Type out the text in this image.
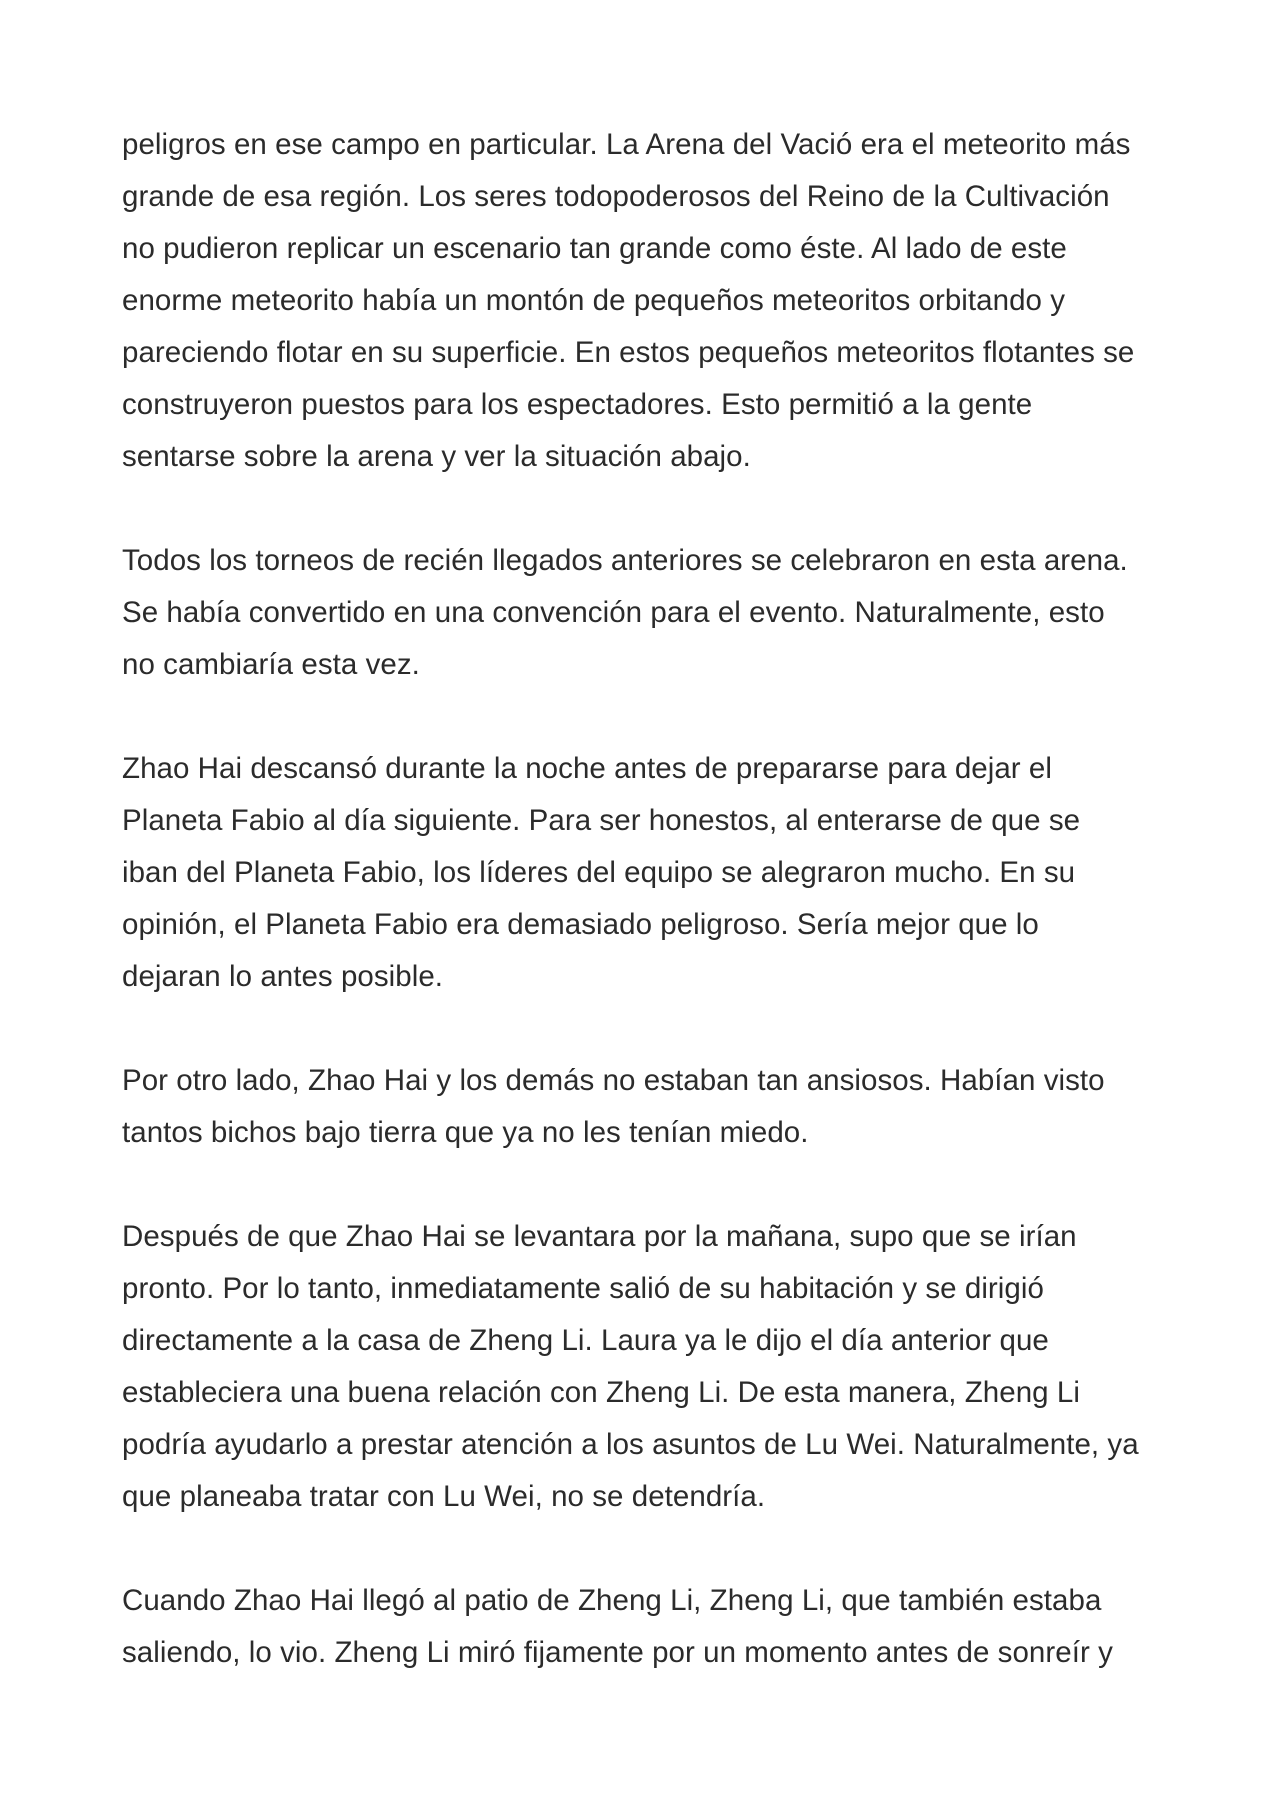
peligros en ese campo en particular. La Arena del Vació era el meteorito más
grande de esa región. Los seres todopoderosos del Reino de la Cultivación
no pudieron replicar un escenario tan grande como éste. Al lado de este
enorme meteorito había un montón de pequeños meteoritos orbitando y
pareciendo flotar en su superficie. En estos pequeños meteoritos flotantes se
construyeron puestos para los espectadores. Esto permitió a la gente
sentarse sobre la arena y ver la situación abajo.

Todos los torneos de recién llegados anteriores se celebraron en esta arena.
Se había convertido en una convención para el evento. Naturalmente, esto
no cambiaría esta vez.

Zhao Hai descansó durante la noche antes de prepararse para dejar el
Planeta Fabio al día siguiente. Para ser honestos, al enterarse de que se
iban del Planeta Fabio, los líderes del equipo se alegraron mucho. En su
opinión, el Planeta Fabio era demasiado peligroso. Sería mejor que lo
dejaran lo antes posible.

Por otro lado, Zhao Hai y los demás no estaban tan ansiosos. Habían visto
tantos bichos bajo tierra que ya no les tenían miedo.

Después de que Zhao Hai se levantara por la mañana, supo que se irían
pronto. Por lo tanto, inmediatamente salió de su habitación y se dirigió
directamente a la casa de Zheng Li. Laura ya le dijo el día anterior que
estableciera una buena relación con Zheng Li. De esta manera, Zheng Li
podría ayudarlo a prestar atención a los asuntos de Lu Wei. Naturalmente, ya
que planeaba tratar con Lu Wei, no se detendría.

Cuando Zhao Hai llegó al patio de Zheng Li, Zheng Li, que también estaba
saliendo, lo vio. Zheng Li miró fijamente por un momento antes de sonreír y
